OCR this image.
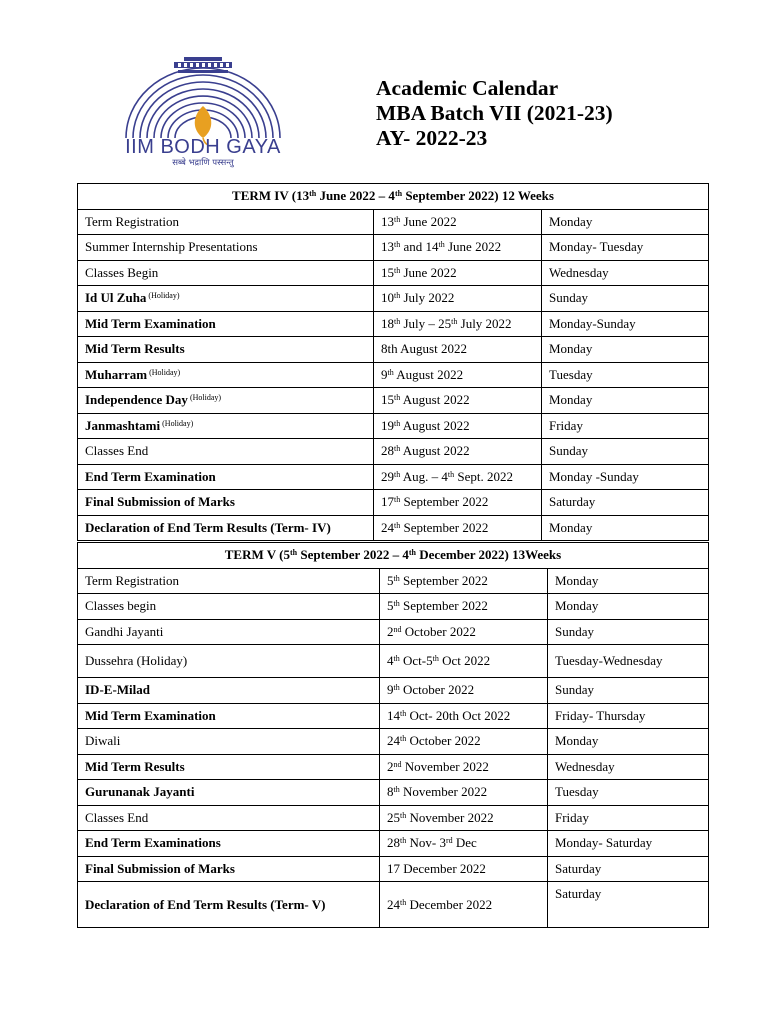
IIM BODH GAYA
सब्बे भद्राणि पस्सन्तु
Academic Calendar
MBA Batch VII (2021-23)
AY- 2022-23
TERM IV (13th June 2022 – 4th September 2022) 12 Weeks		
Term Registration	13th June 2022	Monday
Summer Internship Presentations	13th and 14th June 2022	Monday- Tuesday
Classes Begin	15th June 2022	Wednesday
Id Ul Zuha $^{(Holiday)}$	10th July 2022	Sunday
Mid Term Examination	18th July – 25th July 2022	Monday-Sunday
Mid Term Results	8th August 2022	Monday
Muharram $^{(Holiday)}$	9th August 2022	Tuesday
Independence Day $^{(Holiday)}$	15th August 2022	Monday
Janmashtami $^{(Holiday)}$	19th August 2022	Friday
Classes End	28th August 2022	Sunday
End Term Examination	29th Aug. – 4th Sept. 2022	Monday -Sunday
Final Submission of Marks	17th September 2022	Saturday
Declaration of End Term Results (Term- IV)	24th September 2022	Monday
TERM V (5th September 2022 – 4th December 2022) 13Weeks		
Term Registration	5th September 2022	Monday
Classes begin	5th September 2022	Monday
Gandhi Jayanti	2nd October 2022	Sunday
Dussehra (Holiday)	4th Oct-5th Oct 2022	Tuesday-Wednesday
ID-E-Milad	9th October 2022	Sunday
Mid Term Examination	14th Oct- 20th Oct 2022	Friday- Thursday
Diwali	24th October 2022	Monday
Mid Term Results	2nd November 2022	Wednesday
Gurunanak Jayanti	8th November 2022	Tuesday
Classes End	25th November 2022	Friday
End Term Examinations	28th Nov- 3rd Dec	Monday- Saturday
Final Submission of Marks	17 December 2022	Saturday
Declaration of End Term Results (Term- V)	24th December 2022	Saturday
